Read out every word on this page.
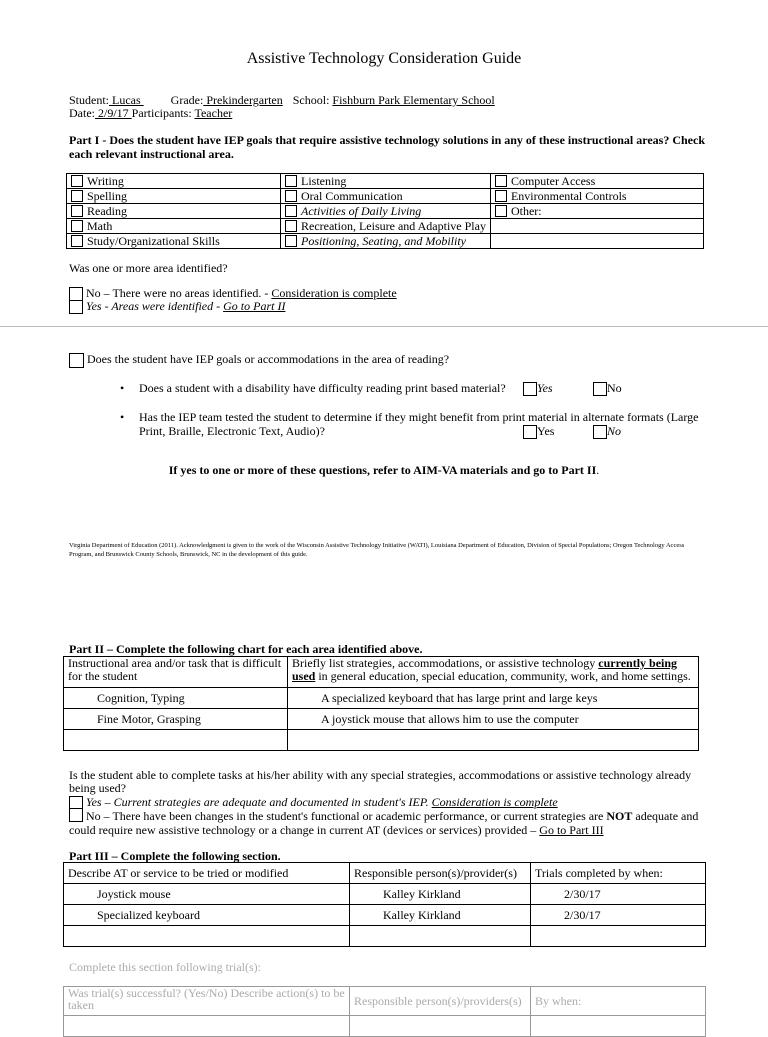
Assistive Technology Consideration Guide
Student: Lucas  Grade: Prekindergarten School: Fishburn Park Elementary School
Date: 2/9/17 Participants: Teacher
Part I - Does the student have IEP goals that require assistive technology solutions in any of these instructional areas? Check each relevant instructional area.
Writing	Listening	Computer Access
Spelling	Oral Communication	Environmental Controls
Reading	Activities of Daily Living	Other:
Math	Recreation, Leisure and Adaptive Play	
Study/Organizational Skills	Positioning, Seating, and Mobility	
Was one or more area identified?
No – There were no areas identified. - Consideration is complete
Yes - Areas were identified - Go to Part II
Does the student have IEP goals or accommodations in the area of reading?
• Does a student with a disability have difficulty reading print based material?	Yes	No
• Has the IEP team tested the student to determine if they might benefit from print material in alternate formats (Large Print, Braille, Electronic Text, Audio)?	Yes	No
If yes to one or more of these questions, refer to AIM-VA materials and go to Part II.
Virginia Department of Education (2011). Acknowledgment is given to the work of the Wisconsin Assistive Technology Initiative (WATI), Louisiana Department of Education, Division of Special Populations; Oregon Technology Access Program, and Brunswick County Schools, Brunswick, NC in the development of this guide.
Part II – Complete the following chart for each area identified above.
Instructional area and/or task that is difficult for the student	Briefly list strategies, accommodations, or assistive technology currently being used in general education, special education, community, work, and home settings.
Cognition, Typing	A specialized keyboard that has large print and large keys
Fine Motor, Grasping	A joystick mouse that allows him to use the computer

Is the student able to complete tasks at his/her ability with any special strategies, accommodations or assistive technology already being used?
Yes – Current strategies are adequate and documented in student's IEP. Consideration is complete
No – There have been changes in the student's functional or academic performance, or current strategies are NOT adequate and could require new assistive technology or a change in current AT (devices or services) provided – Go to Part III
Part III – Complete the following section.
Describe AT or service to be tried or modified	Responsible person(s)/provider(s)	Trials completed by when:
Joystick mouse	Kalley Kirkland	2/30/17
Specialized keyboard	Kalley Kirkland	2/30/17

Complete this section following trial(s):
Was trial(s) successful? (Yes/No) Describe action(s) to be taken	Responsible person(s)/providers(s)	By when:
